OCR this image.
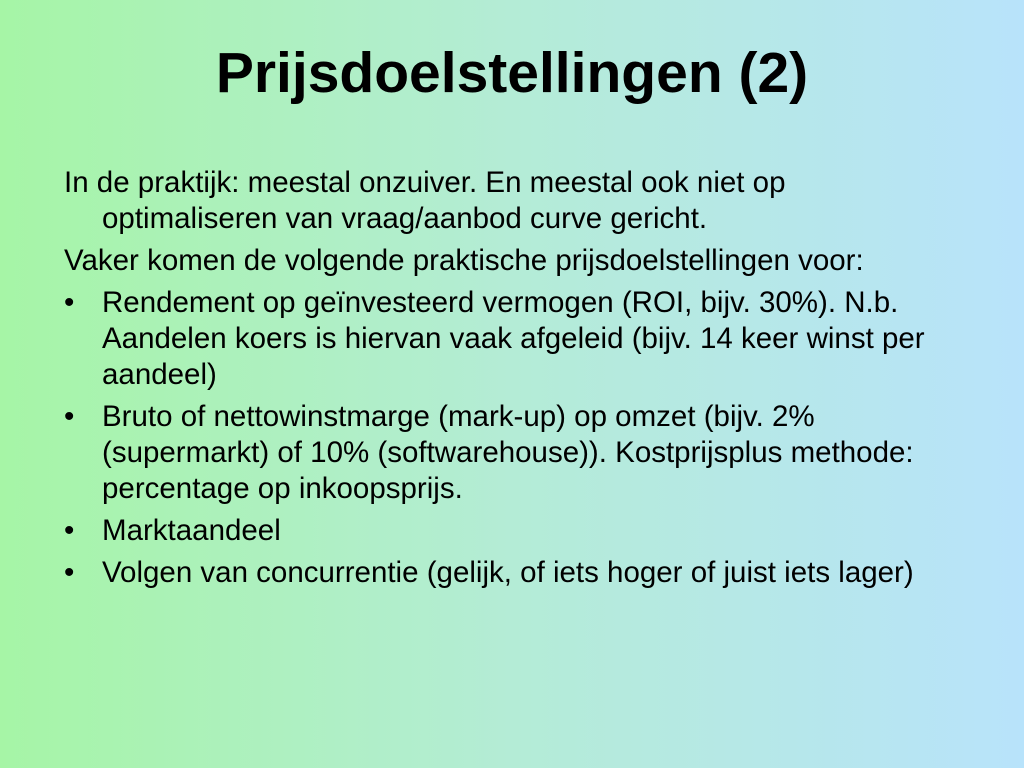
Prijsdoelstellingen (2)

In de praktijk: meestal onzuiver. En meestal ook niet op optimaliseren van vraag/aanbod curve gericht.

Vaker komen de volgende praktische prijsdoelstellingen voor:

• Rendement op geïnvesteerd vermogen (ROI, bijv. 30%). N.b. Aandelen koers is hiervan vaak afgeleid (bijv. 14 keer winst per aandeel)
• Bruto of nettowinstmarge (mark-up) op omzet (bijv. 2% (supermarkt) of 10% (softwarehouse)). Kostprijsplus methode: percentage op inkoopsprijs.
• Marktaandeel
• Volgen van concurrentie (gelijk, of iets hoger of juist iets lager)
